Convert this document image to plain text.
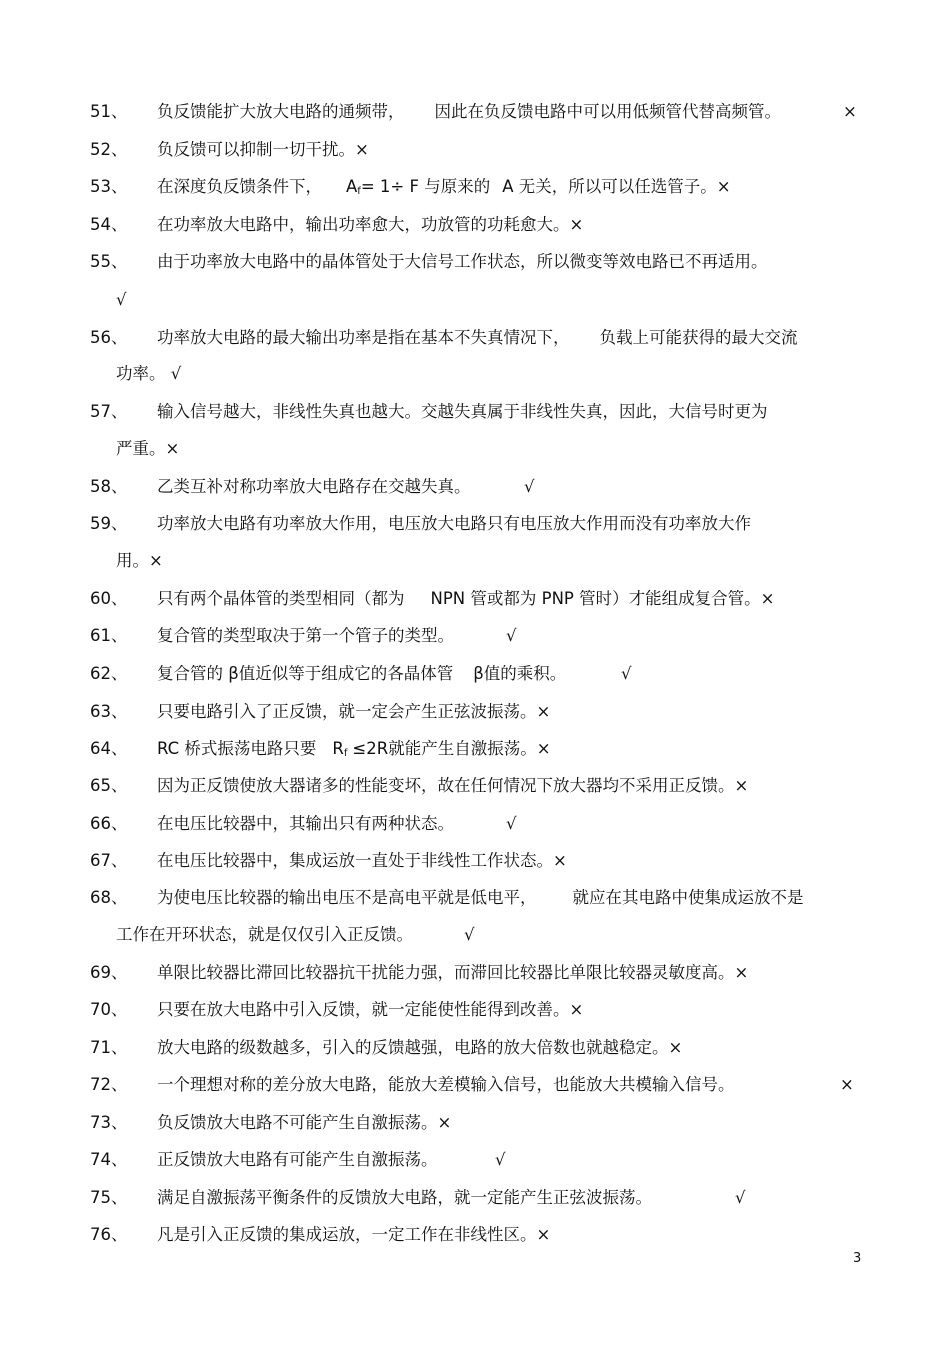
51、 负反馈能扩大放大电路的通频带， 因此在负反馈电路中可以用低频管代替高频管。	×
52、 负反馈可以抑制一切干扰。×
53、 在深度负反馈条件下， $A_f= 1\div F$ 与原来的 A 无关，所以可以任选管子。×
54、 在功率放大电路中，输出功率愈大，功放管的功耗愈大。×
55、 由于功率放大电路中的晶体管处于大信号工作状态，所以微变等效电路已不再适用。
√
56、 功率放大电路的最大输出功率是指在基本不失真情况下， 负载上可能获得的最大交流
功率。 √
57、 输入信号越大，非线性失真也越大。交越失真属于非线性失真，因此，大信号时更为
严重。×
58、 乙类互补对称功率放大电路存在交越失真。	√
59、 功率放大电路有功率放大作用，电压放大电路只有电压放大作用而没有功率放大作
用。×
60、 只有两个晶体管的类型相同（都为 NPN 管或都为 PNP 管时）才能组成复合管。×
61、 复合管的类型取决于第一个管子的类型。	√
62、 复合管的 β值近似等于组成它的各晶体管 β值的乘积。	√
63、 只要电路引入了正反馈，就一定会产生正弦波振荡。×
64、 RC 桥式振荡电路只要 $R_f \le 2R$就能产生自激振荡。×
65、 因为正反馈使放大器诸多的性能变坏，故在任何情况下放大器均不采用正反馈。×
66、 在电压比较器中，其输出只有两种状态。	√
67、 在电压比较器中，集成运放一直处于非线性工作状态。×
68、 为使电压比较器的输出电压不是高电平就是低电平， 就应在其电路中使集成运放不是
工作在开环状态，就是仅仅引入正反馈。	√
69、 单限比较器比滞回比较器抗干扰能力强，而滞回比较器比单限比较器灵敏度高。×
70、 只要在放大电路中引入反馈，就一定能使性能得到改善。×
71、 放大电路的级数越多，引入的反馈越强，电路的放大倍数也就越稳定。×
72、 一个理想对称的差分放大电路，能放大差模输入信号，也能放大共模输入信号。	×
73、 负反馈放大电路不可能产生自激振荡。×
74、 正反馈放大电路有可能产生自激振荡。	√
75、 满足自激振荡平衡条件的反馈放大电路，就一定能产生正弦波振荡。	√
76、 凡是引入正反馈的集成运放，一定工作在非线性区。×
3
